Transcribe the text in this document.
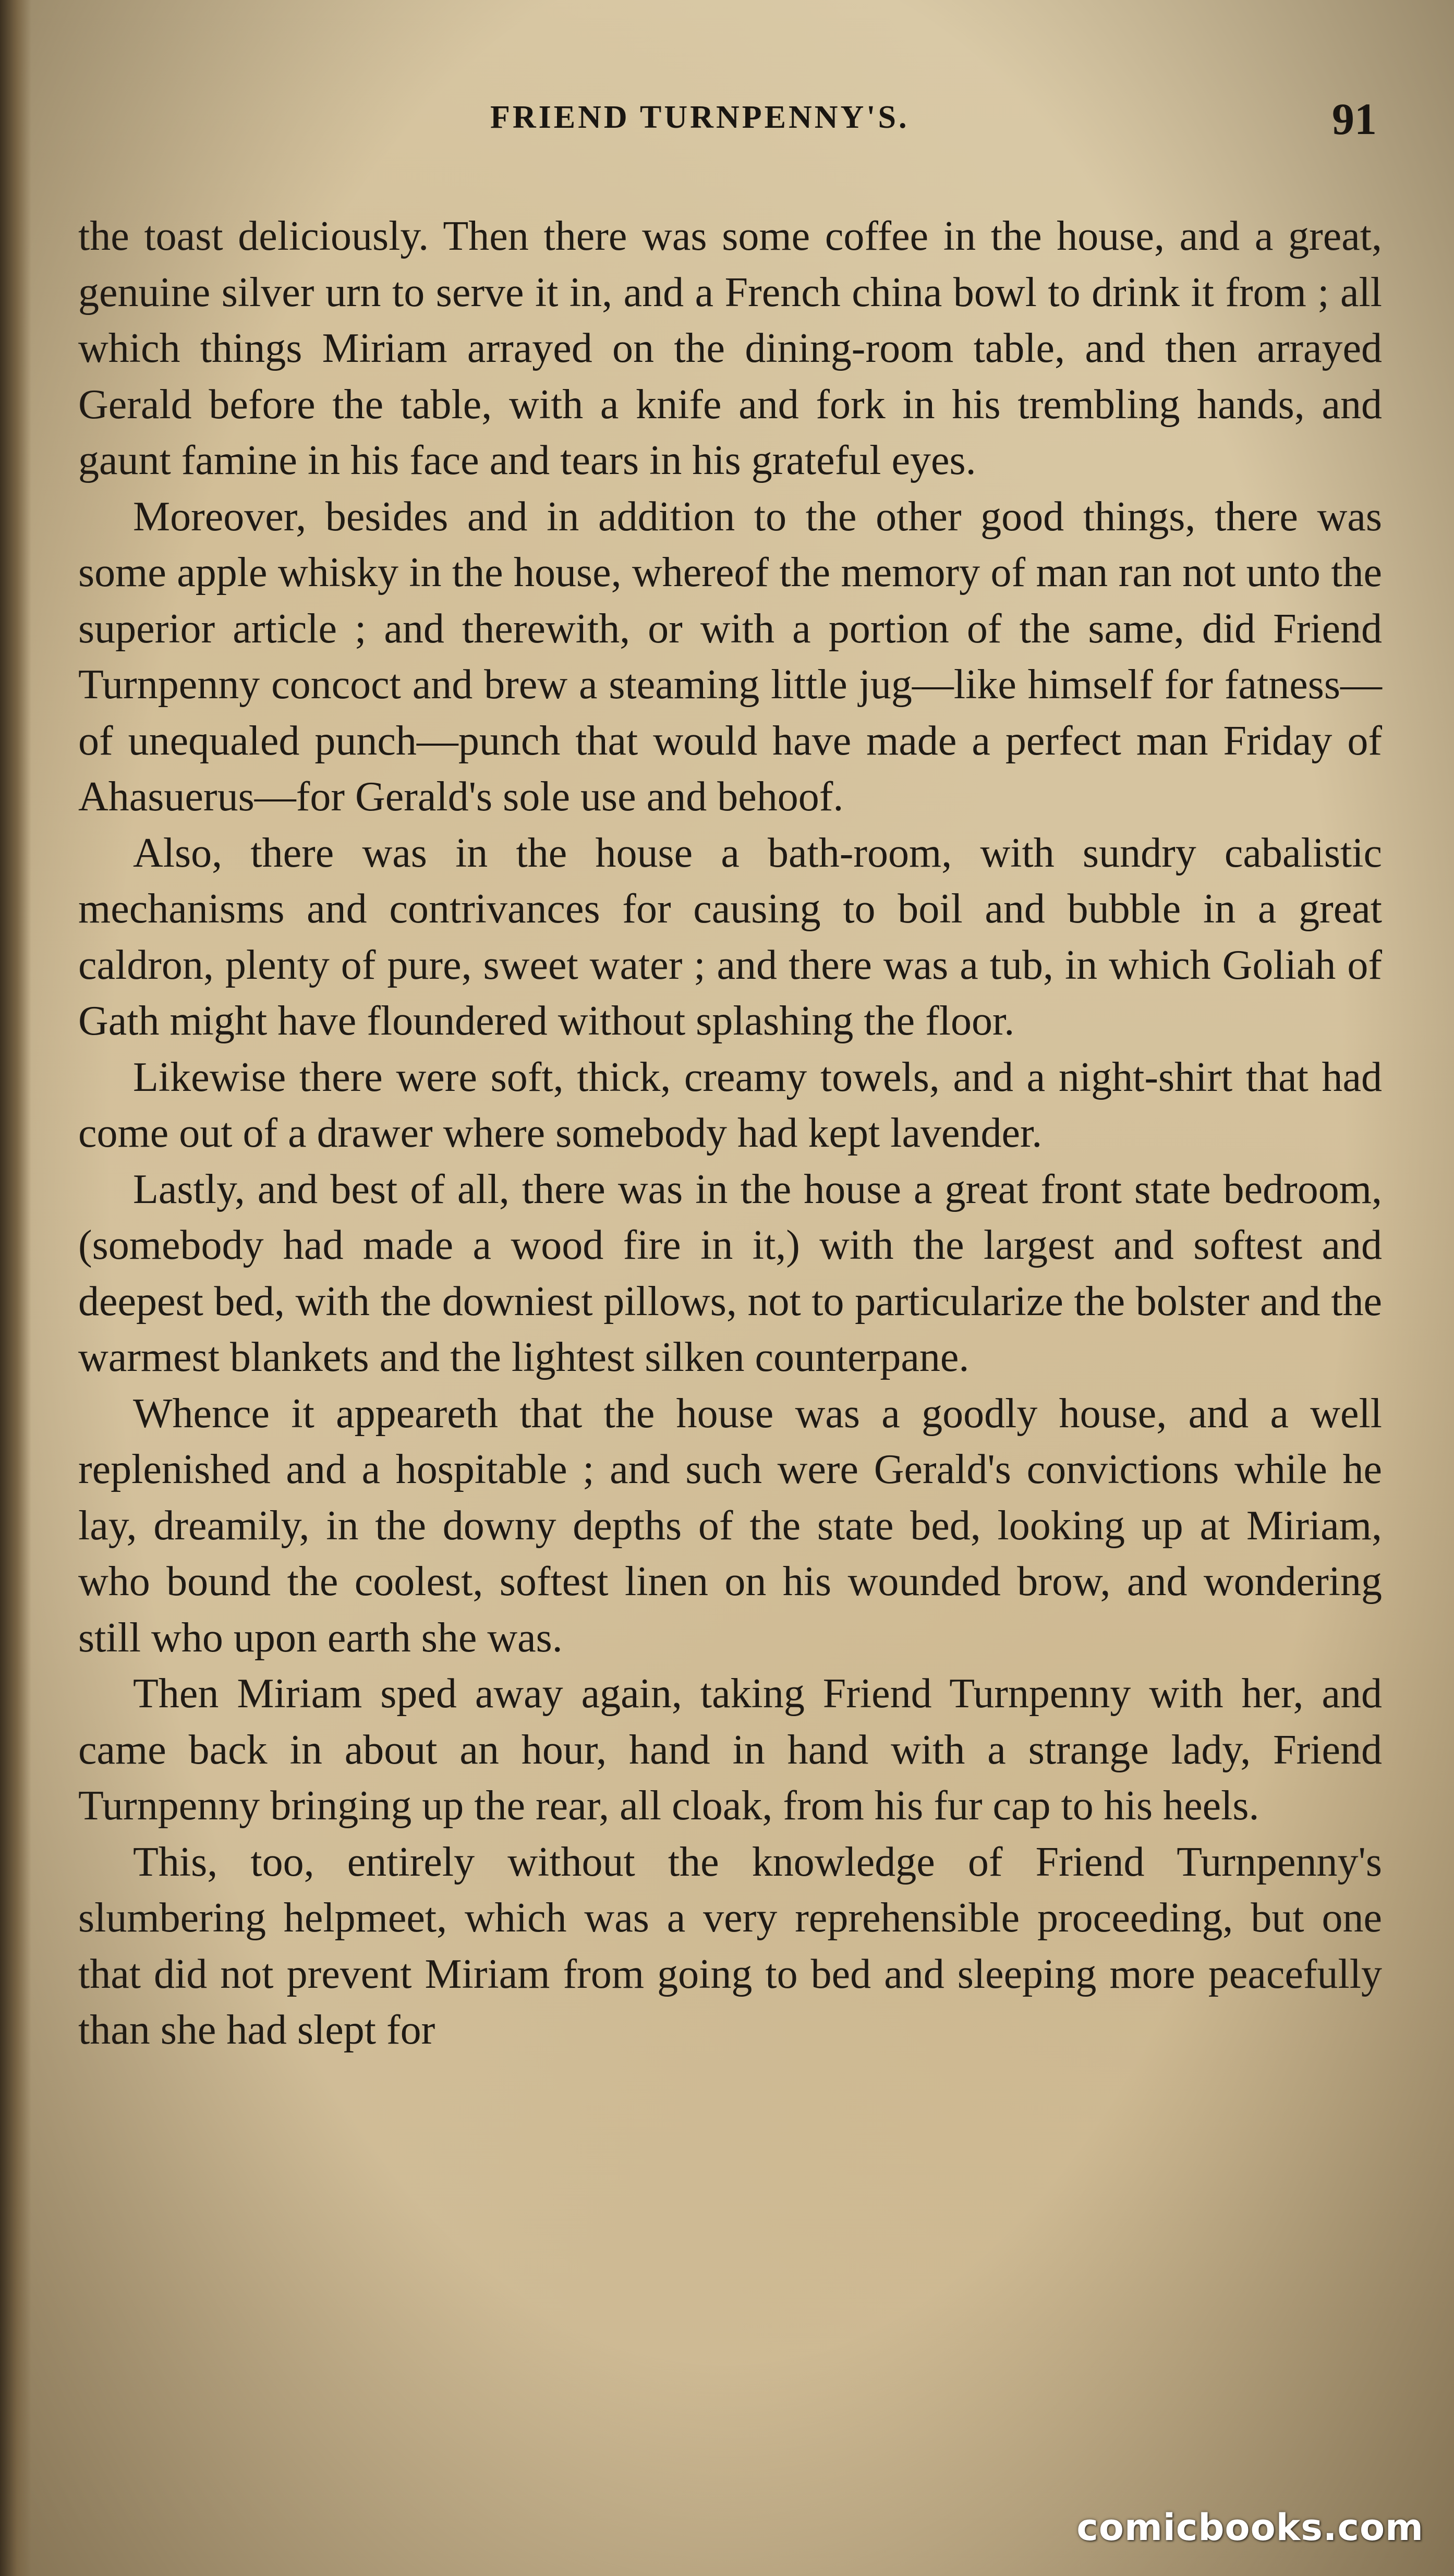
FRIEND TURNPENNY'S.	91

the toast deliciously. Then there was some coffee in the house, and a great, genuine silver urn to serve it in, and a French china bowl to drink it from ; all which things Miriam arrayed on the dining-room table, and then arrayed Gerald before the table, with a knife and fork in his trembling hands, and gaunt famine in his face and tears in his grateful eyes.

Moreover, besides and in addition to the other good things, there was some apple whisky in the house, whereof the memory of man ran not unto the superior article ; and therewith, or with a portion of the same, did Friend Turnpenny concoct and brew a steaming little jug—like himself for fatness—of unequaled punch—punch that would have made a perfect man Friday of Ahasuerus—for Gerald's sole use and behoof.

Also, there was in the house a bath-room, with sundry cabalistic mechanisms and contrivances for causing to boil and bubble in a great caldron, plenty of pure, sweet water ; and there was a tub, in which Goliah of Gath might have floundered without splashing the floor.

Likewise there were soft, thick, creamy towels, and a night-shirt that had come out of a drawer where somebody had kept lavender.

Lastly, and best of all, there was in the house a great front state bedroom, (somebody had made a wood fire in it,) with the largest and softest and deepest bed, with the downiest pillows, not to particularize the bolster and the warmest blankets and the lightest silken counterpane.

Whence it appeareth that the house was a goodly house, and a well replenished and a hospitable ; and such were Gerald's convictions while he lay, dreamily, in the downy depths of the state bed, looking up at Miriam, who bound the coolest, softest linen on his wounded brow, and wondering still who upon earth she was.

Then Miriam sped away again, taking Friend Turnpenny with her, and came back in about an hour, hand in hand with a strange lady, Friend Turnpenny bringing up the rear, all cloak, from his fur cap to his heels.

This, too, entirely without the knowledge of Friend Turnpenny's slumbering helpmeet, which was a very reprehensible proceeding, but one that did not prevent Miriam from going to bed and sleeping more peacefully than she had slept for

comicbooks.com
